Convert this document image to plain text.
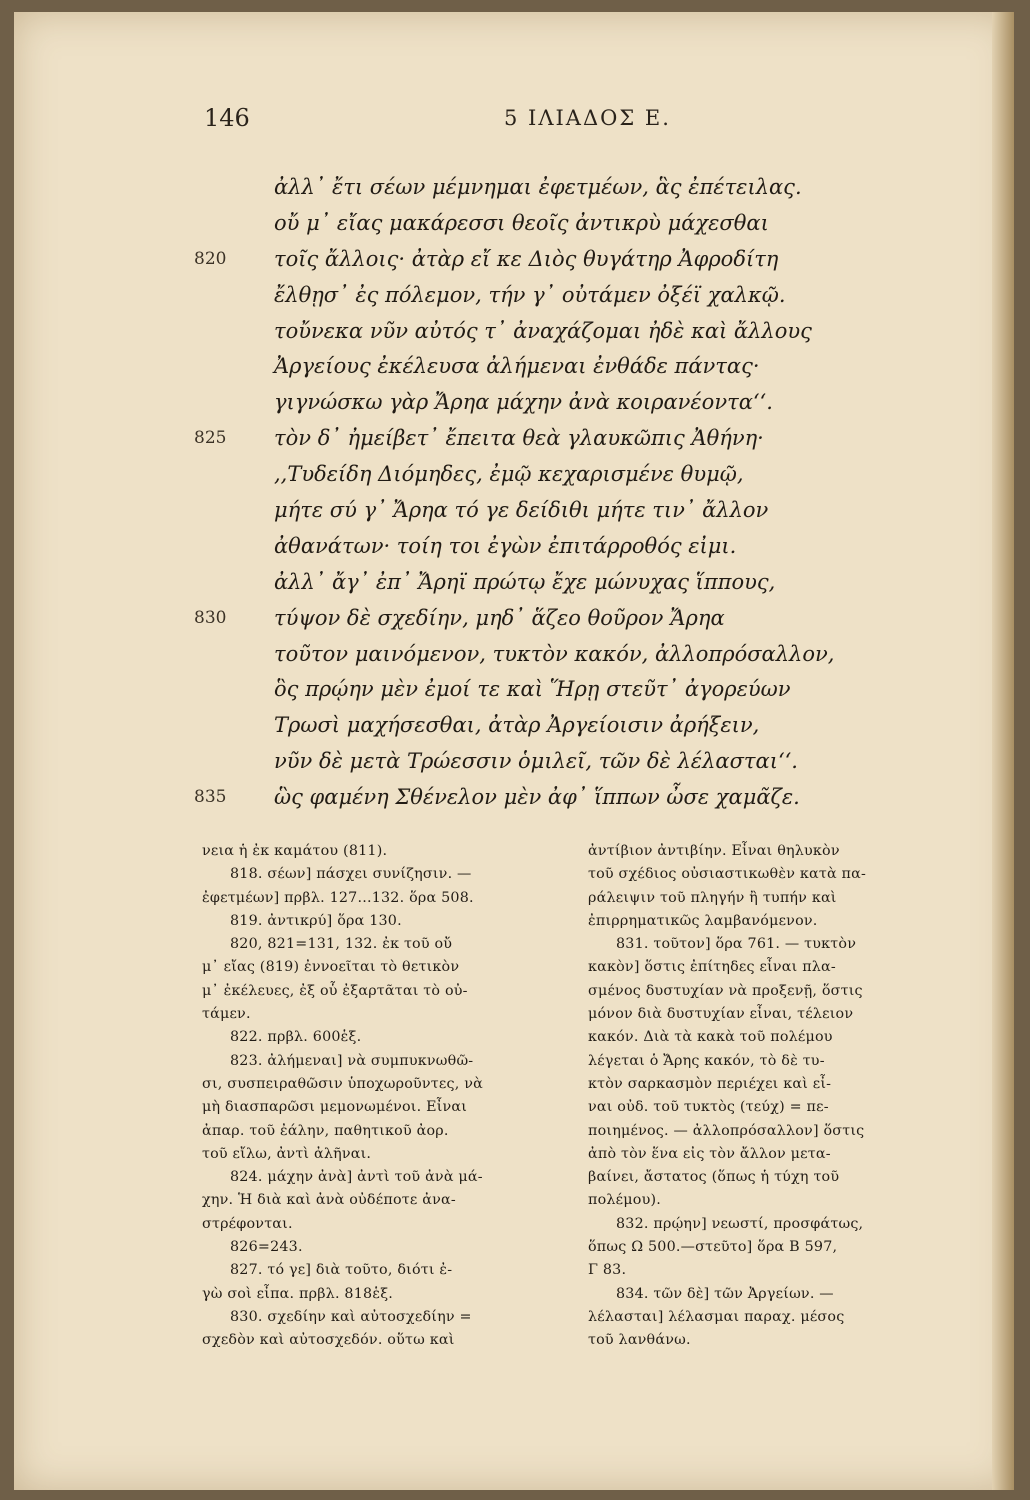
146	5 ΙΛΙΑΔΟΣ Ε.
ἀλλ᾽ ἔτι σέων μέμνημαι ἐφετμέων, ἃς ἐπέτειλας.
οὔ μ᾽ εἴας μακάρεσσι θεοῖς ἀντικρὺ μάχεσθαι
820 τοῖς ἄλλοις· ἀτὰρ εἴ κε Διὸς θυγάτηρ Ἀφροδίτη
ἔλθῃσ᾽ ἐς πόλεμον, τήν γ᾽ οὐτάμεν ὀξέϊ χαλκῷ.
τοὔνεκα νῦν αὐτός τ᾽ ἀναχάζομαι ἠδὲ καὶ ἄλλους
Ἀργείους ἐκέλευσα ἀλήμεναι ἐνθάδε πάντας·
γιγνώσκω γὰρ Ἄρηα μάχην ἀνὰ κοιρανέοντα‘‘.
825 τὸν δ᾽ ἠμείβετ᾽ ἔπειτα θεὰ γλαυκῶπις Ἀθήνη·
,,Τυδείδη Διόμηδες, ἐμῷ κεχαρισμένε θυμῷ,
μήτε σύ γ᾽ Ἄρηα τό γε δείδιθι μήτε τιν᾽ ἄλλον
ἀθανάτων· τοίη τοι ἐγὼν ἐπιτάρροθός εἰμι.
ἀλλ᾽ ἄγ᾽ ἐπ᾽ Ἄρηϊ πρώτῳ ἔχε μώνυχας ἵππους,
830 τύψον δὲ σχεδίην, μηδ᾽ ἅζεο θοῦρον Ἄρηα
τοῦτον μαινόμενον, τυκτὸν κακόν, ἀλλοπρόσαλλον,
ὃς πρῴην μὲν ἐμοί τε καὶ Ἥρῃ στεῦτ᾽ ἀγορεύων
Τρωσὶ μαχήσεσθαι, ἀτὰρ Ἀργείοισιν ἀρήξειν,
νῦν δὲ μετὰ Τρώεσσιν ὁμιλεῖ, τῶν δὲ λέλασται‘‘.
835 ὣς φαμένη Σθένελον μὲν ἀφ᾽ ἵππων ὦσε χαμᾶζε.
νεια ἡ ἐκ καμάτου (811).
818. σέων] πάσχει συνίζησιν. —
ἐφετμέων] πρβλ. 127...132. ὅρα 508.
819. ἀντικρύ] ὅρα 130.
820, 821=131, 132. ἐκ τοῦ οὔ
μ᾽ εἴας (819) ἐννοεῖται τὸ θετικὸν
μ᾽ ἐκέλευες, ἐξ οὗ ἐξαρτᾶται τὸ οὐ-
τάμεν.
822. πρβλ. 600ἑξ.
823. ἀλήμεναι] νὰ συμπυκνωθῶ-
σι, συσπειραθῶσιν ὑποχωροῦντες, νὰ
μὴ διασπαρῶσι μεμονωμένοι. Εἶναι
ἀπαρ. τοῦ ἐάλην, παθητικοῦ ἀορ.
τοῦ εἴλω, ἀντὶ ἀλῆναι.
824. μάχην ἀνὰ] ἀντὶ τοῦ ἀνὰ μά-
χην. Ἡ διὰ καὶ ἀνὰ οὐδέποτε ἀνα-
στρέφονται.
826=243.
827. τό γε] διὰ τοῦτο, διότι ἐ-
γὼ σοὶ εἶπα. πρβλ. 818ἑξ.
830. σχεδίην καὶ αὐτοσχεδίην =
σχεδὸν καὶ αὐτοσχεδόν. οὕτω καὶ
ἀντίβιον ἀντιβίην. Εἶναι θηλυκὸν
τοῦ σχέδιος οὐσιαστικωθὲν κατὰ πα-
ράλειψιν τοῦ πληγήν ἢ τυπήν καὶ
ἐπιρρηματικῶς λαμβανόμενον.
831. τοῦτον] ὅρα 761. — τυκτὸν
κακὸν] ὅστις ἐπίτηδες εἶναι πλα-
σμένος δυστυχίαν νὰ προξενῇ, ὅστις
μόνον διὰ δυστυχίαν εἶναι, τέλειον
κακόν. Διὰ τὰ κακὰ τοῦ πολέμου
λέγεται ὁ Ἄρης κακόν, τὸ δὲ τυ-
κτὸν σαρκασμὸν περιέχει καὶ εἶ-
ναι οὐδ. τοῦ τυκτὸς (τεύχ) = πε-
ποιημένος. — ἀλλοπρόσαλλον] ὅστις
ἀπὸ τὸν ἕνα εἰς τὸν ἄλλον μετα-
βαίνει, ἄστατος (ὅπως ἡ τύχη τοῦ
πολέμου).
832. πρῴην] νεωστί, προσφάτως,
ὅπως Ω 500.—στεῦτο] ὅρα Β 597,
Γ 83.
834. τῶν δὲ] τῶν Ἀργείων. —
λέλασται] λέλασμαι παραχ. μέσος
τοῦ λανθάνω.
